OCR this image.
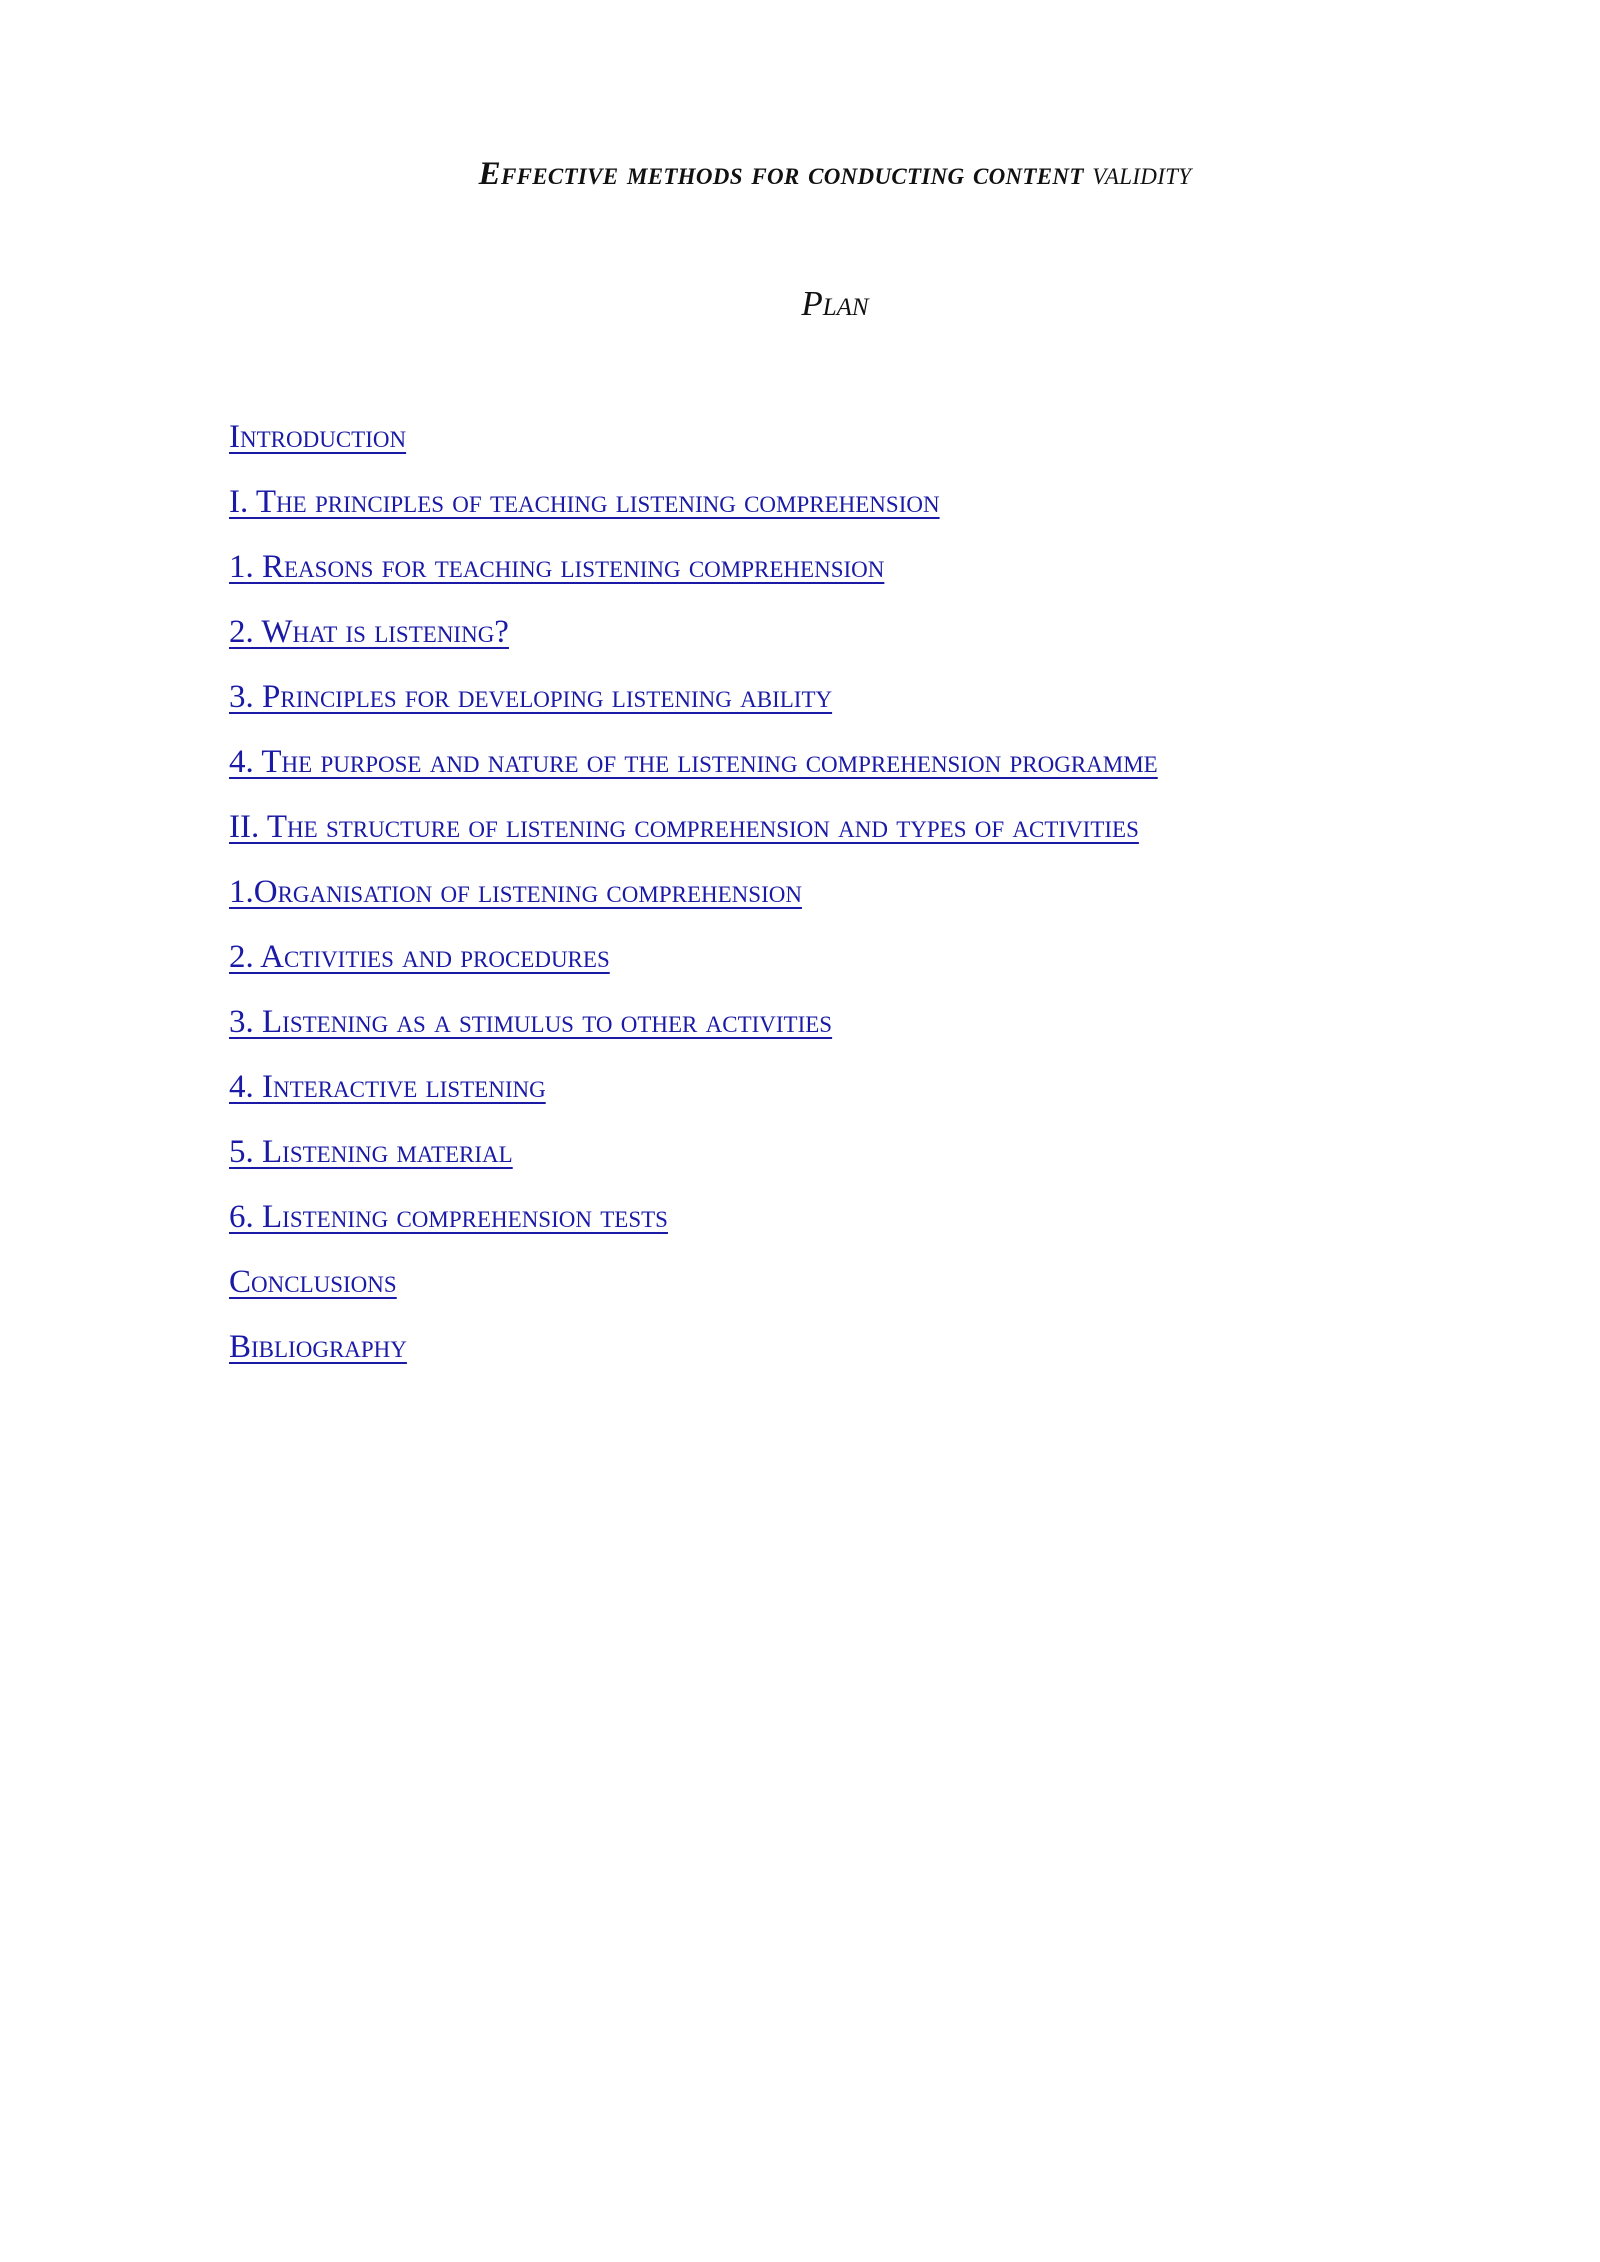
Effective methods for conducting content validity
Plan
Introduction
I. The principles of teaching listening comprehension
1. Reasons for teaching listening comprehension
2. What is listening?
3. Principles for developing listening ability
4. The purpose and nature of the listening comprehension programme
II. The structure of listening comprehension and types of activities
1.Organisation of listening comprehension
2. Activities and procedures
3. Listening as a stimulus to other activities
4. Interactive listening
5. Listening material
6. Listening comprehension tests
Conclusions
Bibliography
